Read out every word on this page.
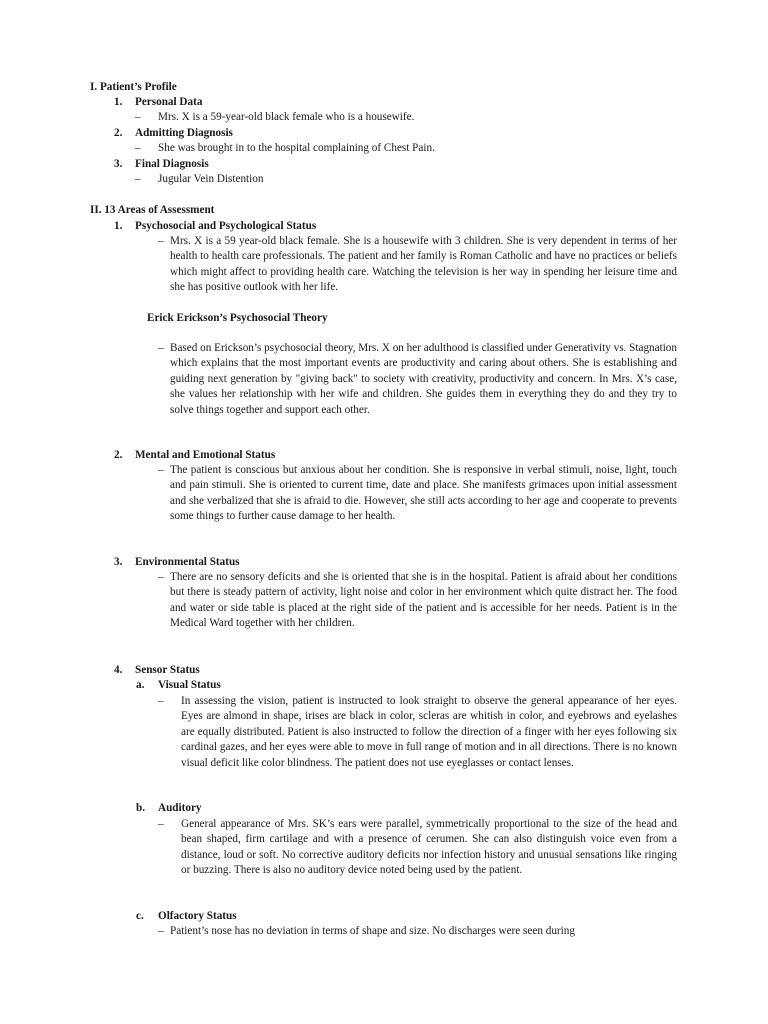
I. Patient’s Profile
1. Personal Data
– Mrs. X is a 59-year-old black female who is a housewife.
2. Admitting Diagnosis
– She was brought in to the hospital complaining of Chest Pain.
3. Final Diagnosis
– Jugular Vein Distention
II. 13 Areas of Assessment
1. Psychosocial and Psychological Status
– Mrs. X is a 59 year-old black female. She is a housewife with 3 children. She is very dependent in terms of her health to health care professionals. The patient and her family is Roman Catholic and have no practices or beliefs which might affect to providing health care. Watching the television is her way in spending her leisure time and she has positive outlook with her life.
Erick Erickson’s Psychosocial Theory
– Based on Erickson’s psychosocial theory, Mrs. X on her adulthood is classified under Generativity vs. Stagnation which explains that the most important events are productivity and caring about others. She is establishing and guiding next generation by "giving back" to society with creativity, productivity and concern. In Mrs. X’s case, she values her relationship with her wife and children. She guides them in everything they do and they try to solve things together and support each other.
2. Mental and Emotional Status
– The patient is conscious but anxious about her condition. She is responsive in verbal stimuli, noise, light, touch and pain stimuli. She is oriented to current time, date and place. She manifests grimaces upon initial assessment and she verbalized that she is afraid to die. However, she still acts according to her age and cooperate to prevents some things to further cause damage to her health.
3. Environmental Status
– There are no sensory deficits and she is oriented that she is in the hospital. Patient is afraid about her conditions but there is steady pattern of activity, light noise and color in her environment which quite distract her. The food and water or side table is placed at the right side of the patient and is accessible for her needs. Patient is in the Medical Ward together with her children.
4. Sensor Status
a. Visual Status
– In assessing the vision, patient is instructed to look straight to observe the general appearance of her eyes. Eyes are almond in shape, irises are black in color, scleras are whitish in color, and eyebrows and eyelashes are equally distributed. Patient is also instructed to follow the direction of a finger with her eyes following six cardinal gazes, and her eyes were able to move in full range of motion and in all directions. There is no known visual deficit like color blindness. The patient does not use eyeglasses or contact lenses.
b. Auditory
– General appearance of Mrs. SK’s ears were parallel, symmetrically proportional to the size of the head and bean shaped, firm cartilage and with a presence of cerumen. She can also distinguish voice even from a distance, loud or soft. No corrective auditory deficits nor infection history and unusual sensations like ringing or buzzing. There is also no auditory device noted being used by the patient.
c. Olfactory Status
– Patient’s nose has no deviation in terms of shape and size. No discharges were seen during
